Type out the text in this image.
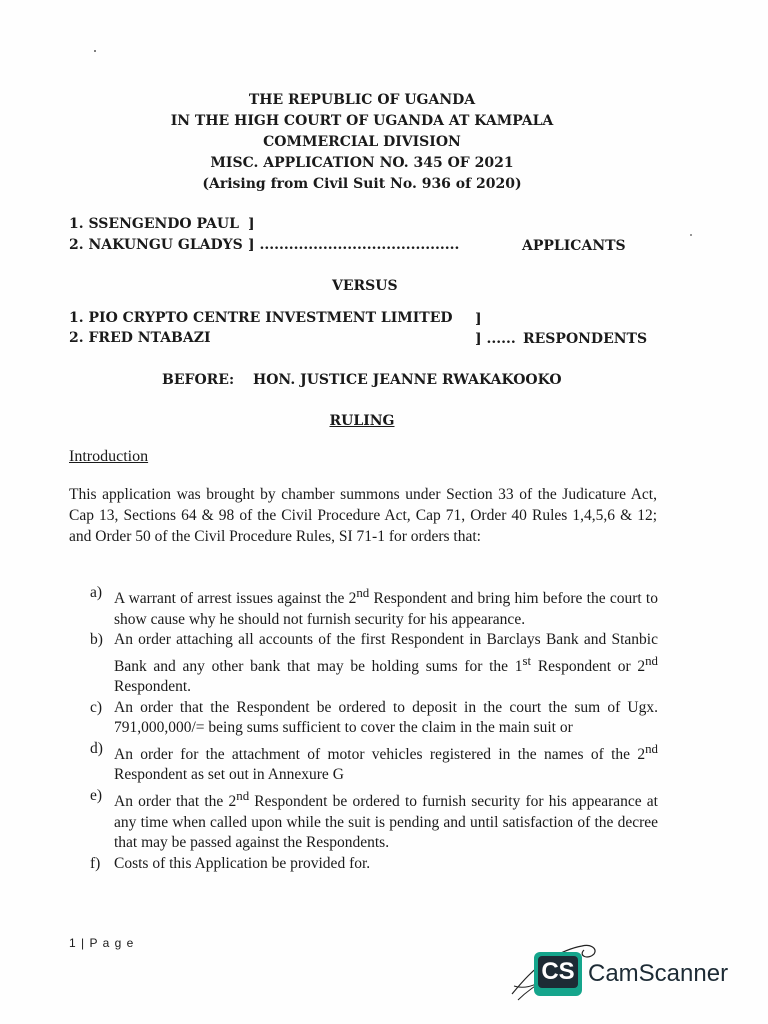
THE REPUBLIC OF UGANDA
IN THE HIGH COURT OF UGANDA AT KAMPALA
COMMERCIAL DIVISION
MISC. APPLICATION NO. 345 OF 2021
(Arising from Civil Suit No. 936 of 2020)
1. SSENGENDO PAUL ]
2. NAKUNGU GLADYS ] .........................................	APPLICANTS
VERSUS
1. PIO CRYPTO CENTRE INVESTMENT LIMITED ]
2. FRED NTABAZI	] ...... RESPONDENTS
BEFORE: HON. JUSTICE JEANNE RWAKAKOOKO
RULING
Introduction
This application was brought by chamber summons under Section 33 of the Judicature Act, Cap 13, Sections 64 & 98 of the Civil Procedure Act, Cap 71, Order 40 Rules 1,4,5,6 & 12; and Order 50 of the Civil Procedure Rules, SI 71-1 for orders that:
a) A warrant of arrest issues against the 2nd Respondent and bring him before the court to show cause why he should not furnish security for his appearance.
b) An order attaching all accounts of the first Respondent in Barclays Bank and Stanbic Bank and any other bank that may be holding sums for the 1st Respondent or 2nd Respondent.
c) An order that the Respondent be ordered to deposit in the court the sum of Ugx. 791,000,000/= being sums sufficient to cover the claim in the main suit or
d) An order for the attachment of motor vehicles registered in the names of the 2nd Respondent as set out in Annexure G
e) An order that the 2nd Respondent be ordered to furnish security for his appearance at any time when called upon while the suit is pending and until satisfaction of the decree that may be passed against the Respondents.
f) Costs of this Application be provided for.
1 | P a g e
CS CamScanner
